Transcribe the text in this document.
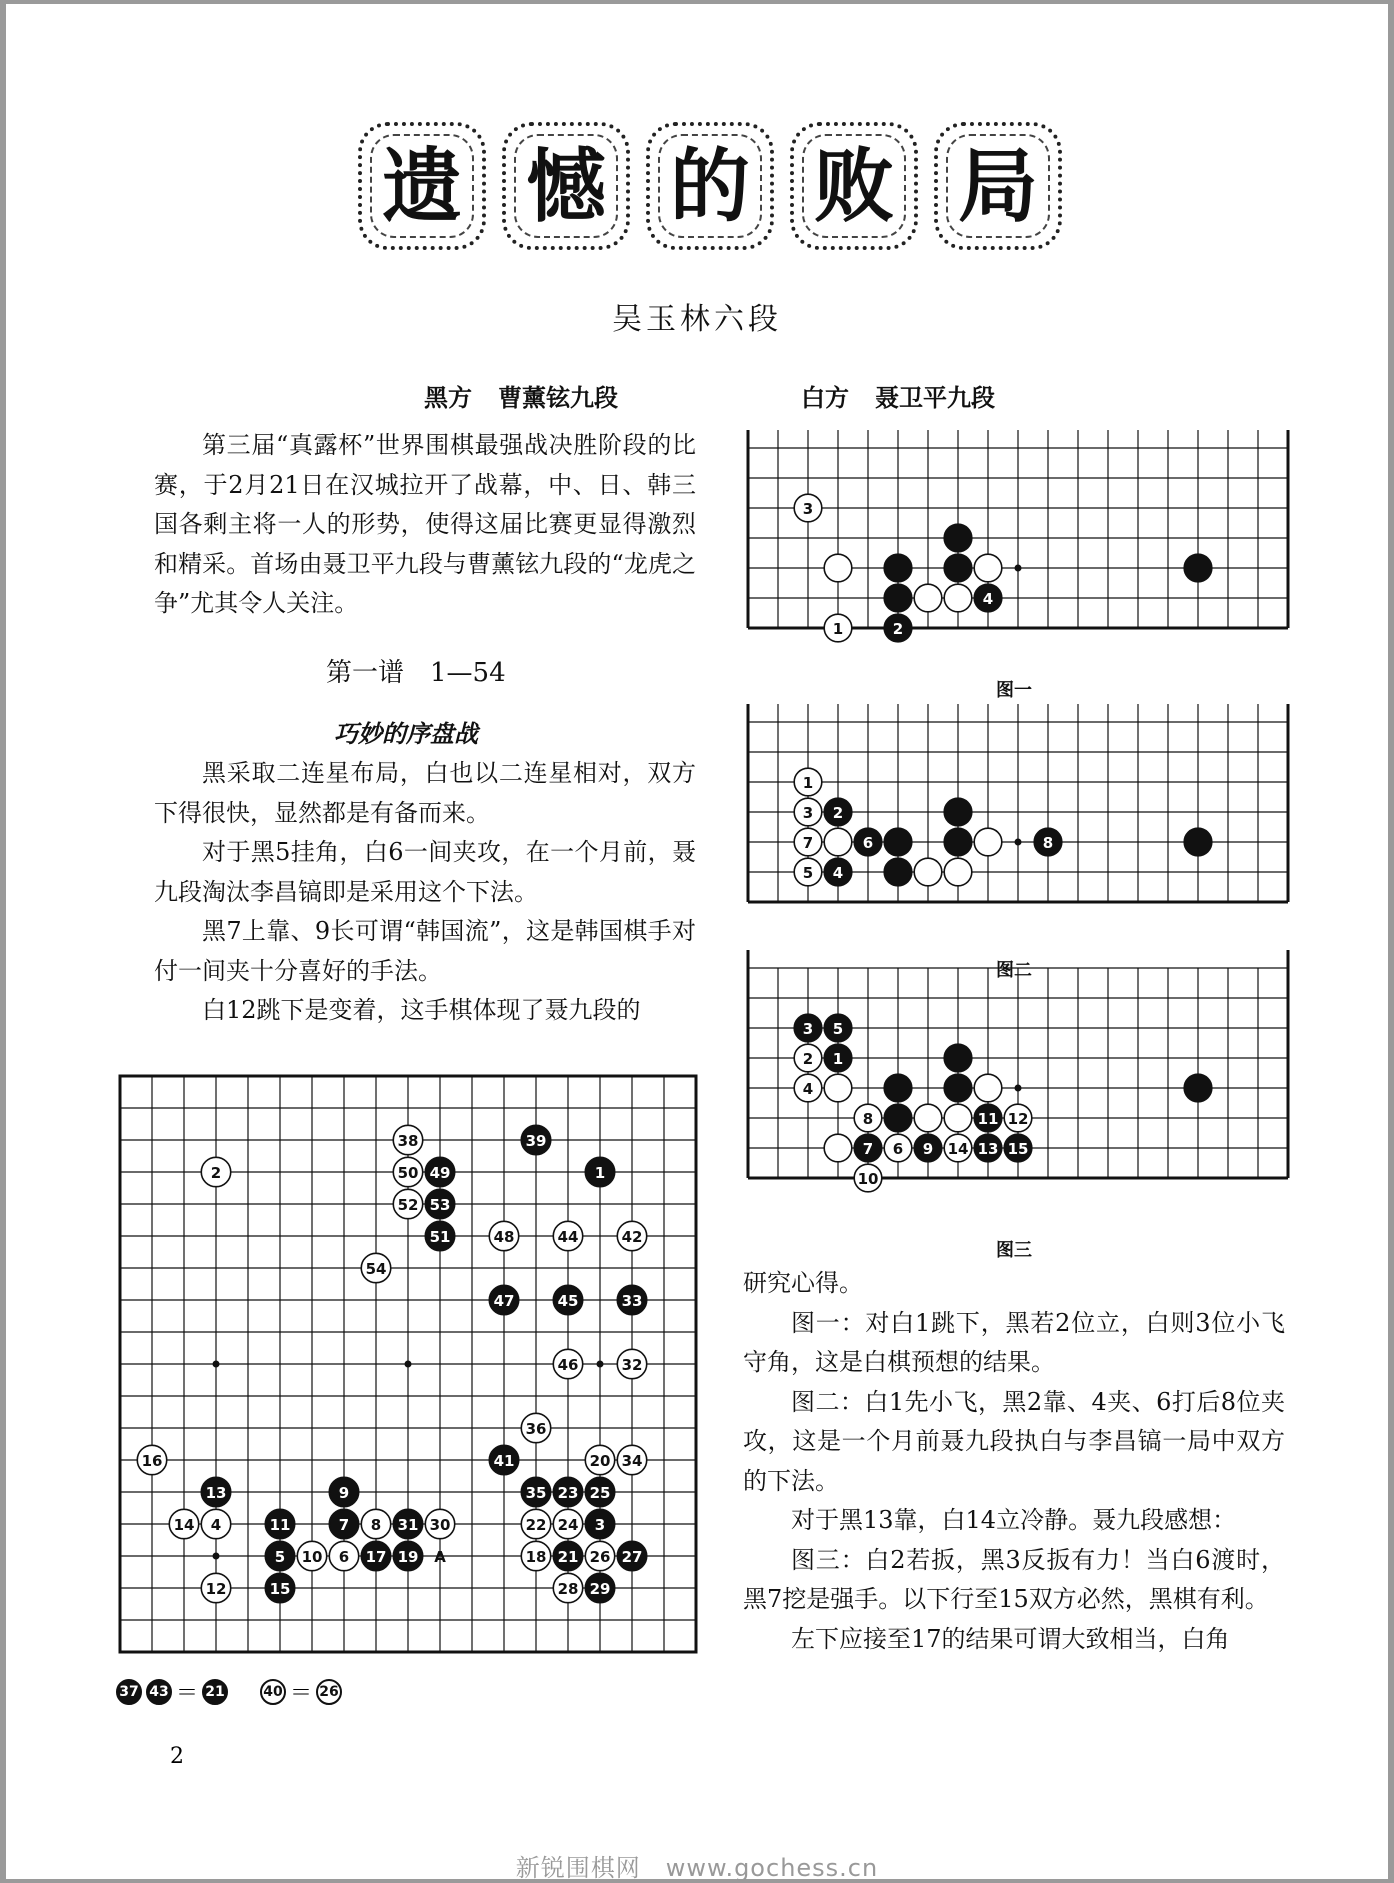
遗 憾 的 败 局
吴玉林六段
黑方 曹薰铉九段	白方 聂卫平九段
第三届“真露杯”世界围棋最强战决胜阶段的比赛，于2月21日在汉城拉开了战幕，中、日、韩三国各剩主将一人的形势，使得这届比赛更显得激烈和精采。首场由聂卫平九段与曹薰铉九段的“龙虎之争”尤其令人关注。
第一谱　1—54
巧妙的序盘战
黑采取二连星布局，白也以二连星相对，双方下得很快，显然都是有备而来。
对于黑5挂角，白6一间夹攻，在一个月前，聂九段淘汰李昌镐即是采用这个下法。
黑7上靠、9长可谓“韩国流”，这是韩国棋手对付一间夹十分喜好的手法。
白12跳下是变着，这手棋体现了聂九段的
1
2
3
4
5	6
7 8
9
10
11
12
13
14
15
16
17	18
19
20
21
22
23
24
25
26 27
28 29
30
31
32
33
34
35
36
38	39
41
42
44
45
46
47
48
49
50
51
52 53
54
A
3
4
1	2
图一
1
3 2
7	6	8
5 4
图二
3 5
2 1
4
8	11 12
7 6 9 14 13 15
10
图三
研究心得。
图一：对白1跳下，黑若2位立，白则3位小飞守角，这是白棋预想的结果。
图二：白1先小飞，黑2靠、4夹、6打后8位夹攻，这是一个月前聂九段执白与李昌镐一局中双方的下法。
对于黑13靠，白14立冷静。聂九段感想：
图三：白2若扳，黑3反扳有力！当白6渡时，黑7挖是强手。以下行至15双方必然，黑棋有利。
左下应接至17的结果可谓大致相当，白角
37 43 ＝ 21	40 ＝ 26
2
新锐围棋网　www.gochess.cn
